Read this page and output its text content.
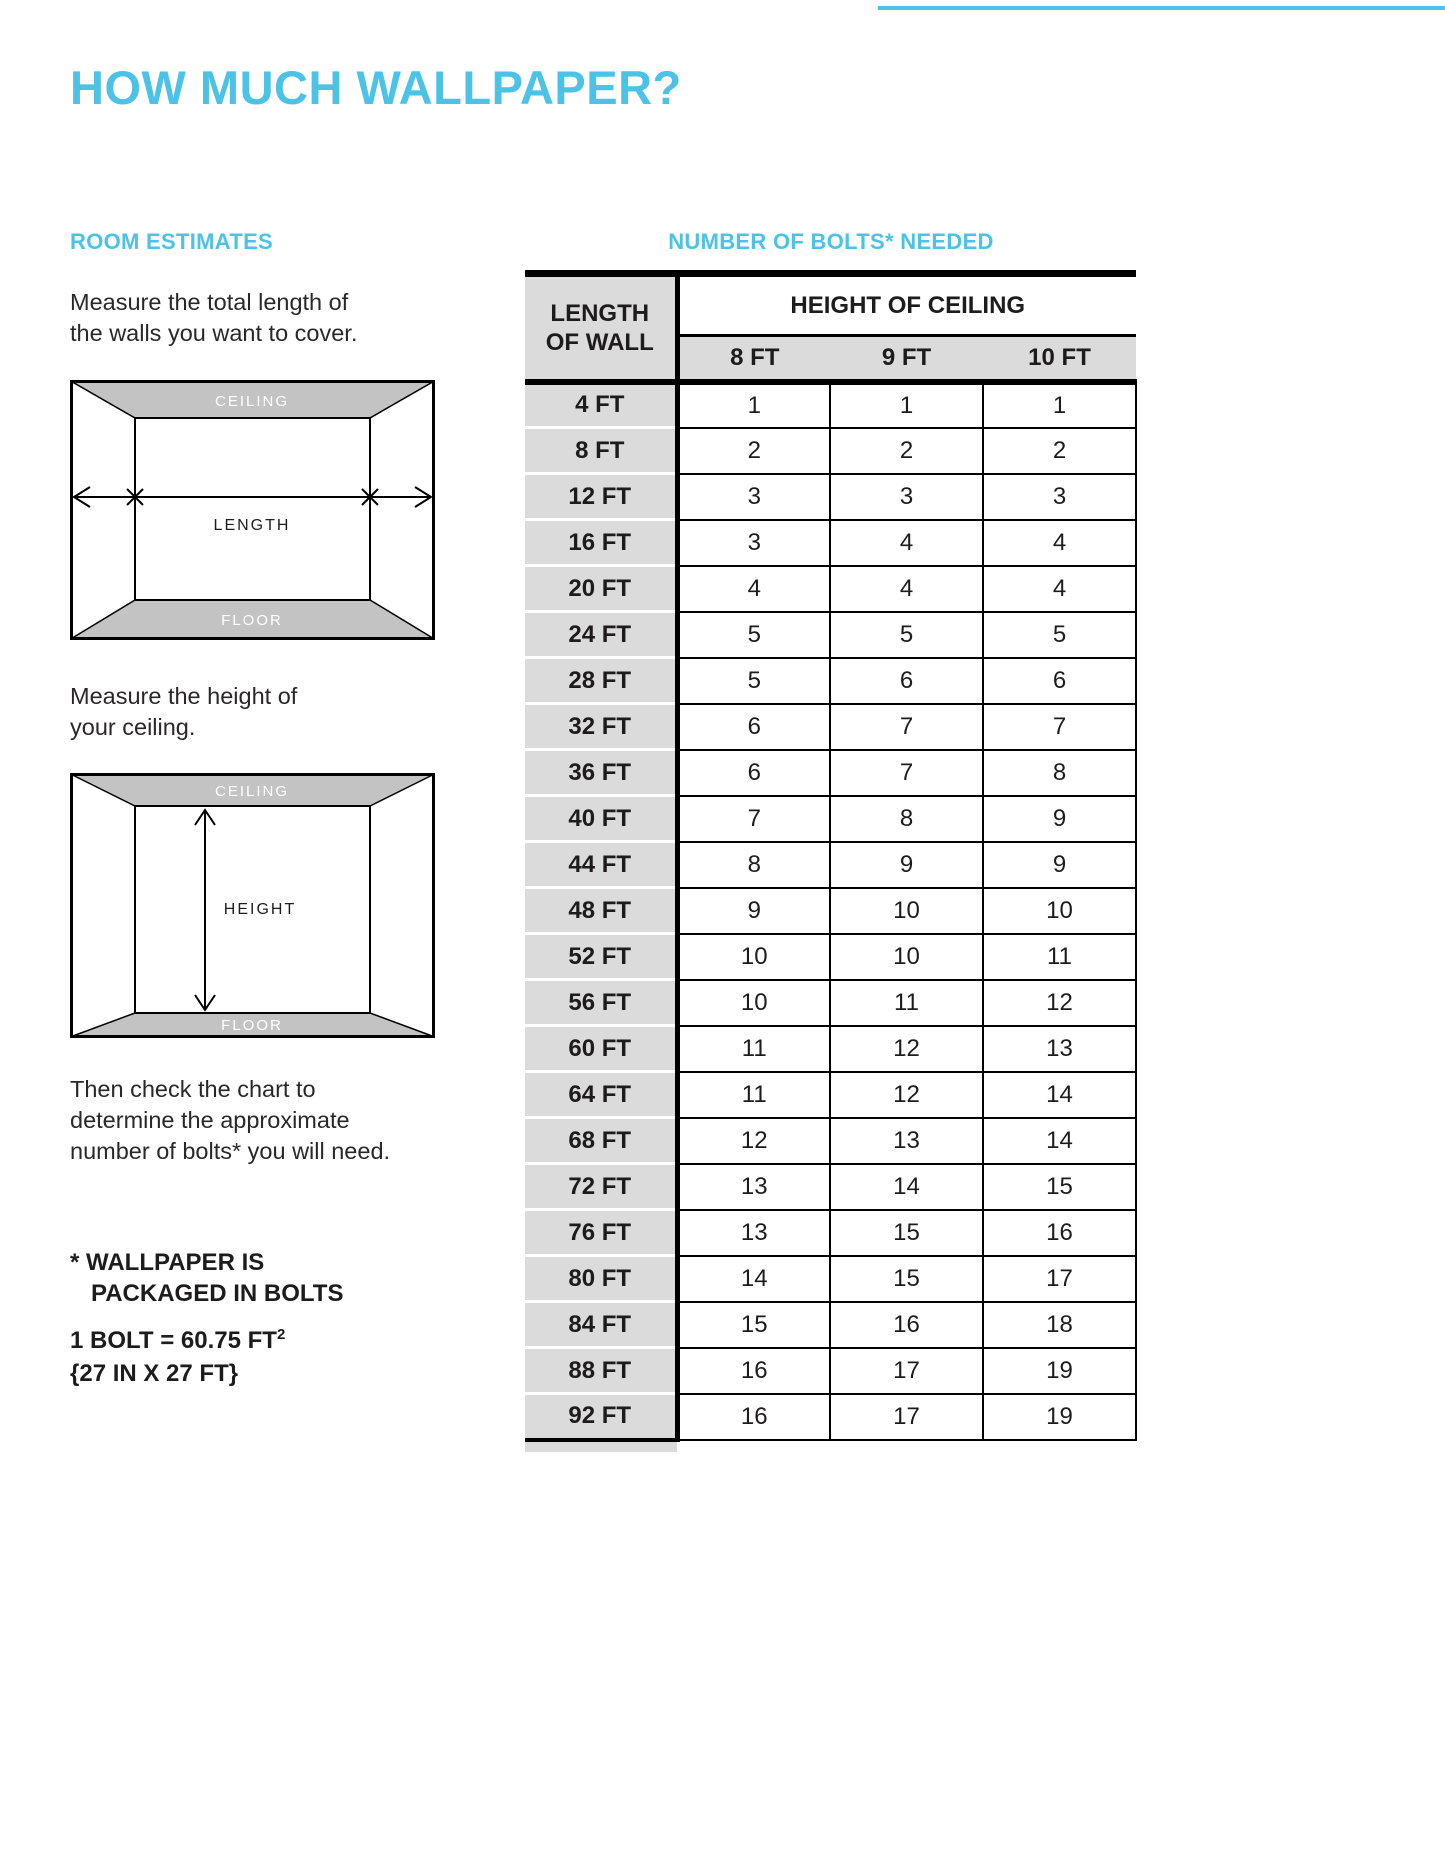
HOW MUCH WALLPAPER?
ROOM ESTIMATES	NUMBER OF BOLTS* NEEDED

Measure the total length of the walls you want to cover.

CEILING
FLOOR
LENGTH

Measure the height of your ceiling.

CEILING
FLOOR
HEIGHT

Then check the chart to determine the approximate number of bolts* you will need.

* WALLPAPER IS
PACKAGED IN BOLTS
1 BOLT = 60.75 $FT^2$
{27 IN X 27 FT}
LENGTH
OF WALL	HEIGHT OF CEILING		
	8 FT	9 FT	10 FT
4 FT	1	1	1
8 FT	2	2	2
12 FT	3	3	3
16 FT	3	4	4
20 FT	4	4	4
24 FT	5	5	5
28 FT	5	6	6
32 FT	6	7	7
36 FT	6	7	8
40 FT	7	8	9
44 FT	8	9	9
48 FT	9	10	10
52 FT	10	10	11
56 FT	10	11	12
60 FT	11	12	13
64 FT	11	12	14
68 FT	12	13	14
72 FT	13	14	15
76 FT	13	15	16
80 FT	14	15	17
84 FT	15	16	18
88 FT	16	17	19
92 FT	16	17	19
